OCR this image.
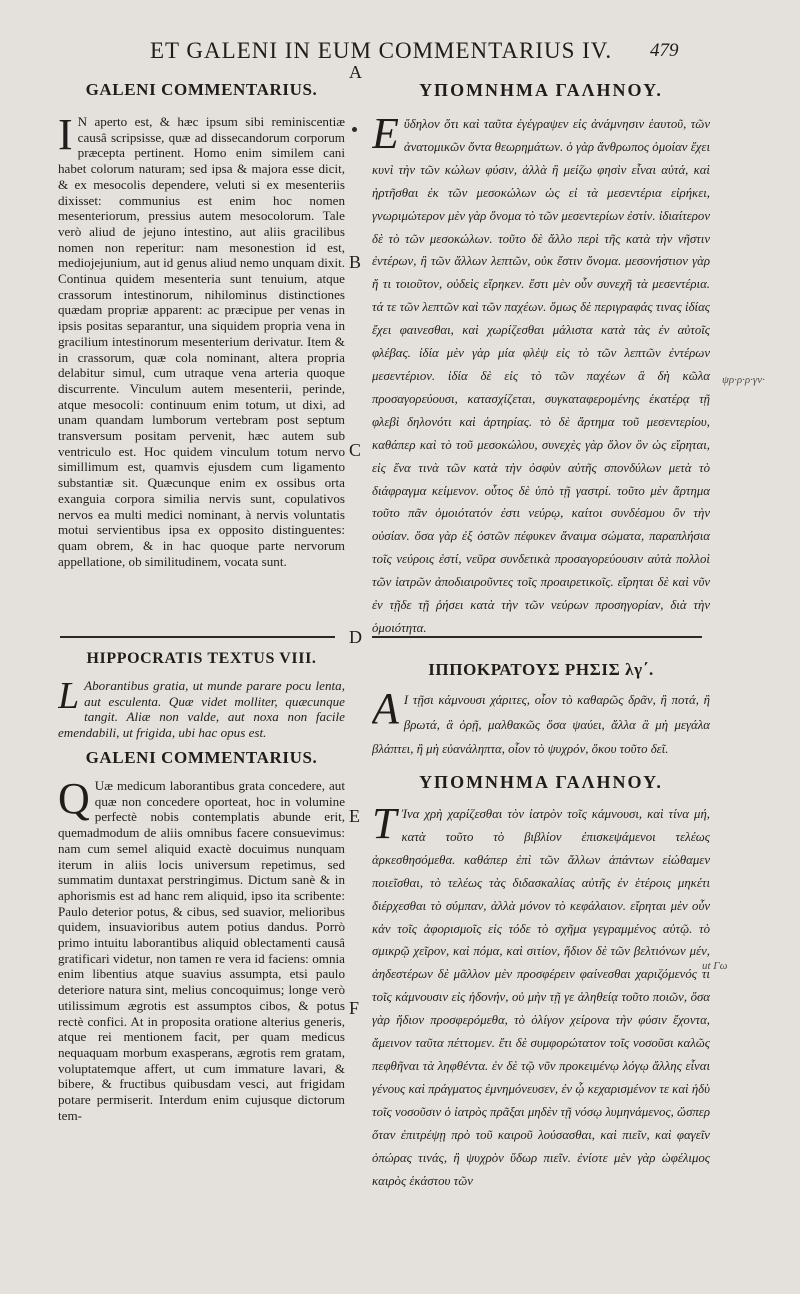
ET GALENI IN EUM COMMENTARIUS IV. 479
A
B
C
D
E
F
ψρ·ρ·ρ·γν·
ut Γω
GALENI COMMENTARIUS.

I N aperto est, & hæc ipsum sibi reminiscentiæ causâ scripsisse, quæ ad dissecandorum corporum præcepta pertinent. Homo enim similem cani habet colorum naturam; sed ipsa & majora esse dicit, & ex mesocolis dependere, veluti si ex mesenteriis dixisset: communius est enim hoc nomen mesenteriorum, pressius autem mesocolorum. Tale verò aliud de jejuno intestino, aut aliis gracilibus nomen non reperitur: nam mesonestion id est, mediojejunium, aut id genus aliud nemo unquam dixit. Continua quidem mesenteria sunt tenuium, atque crassorum intestinorum, nihilominus distinctiones quædam propriæ apparent: ac præcipue per venas in ipsis positas separantur, una siquidem propria vena in gracilium intestinorum mesenterium derivatur. Item & in crassorum, quæ cola nominant, altera propria delabitur simul, cum utraque vena arteria quoque discurrente. Vinculum autem mesenterii, perinde, atque mesocoli: continuum enim totum, ut dixi, ad unam quandam lumborum vertebram post septum transversum positam pervenit, hæc autem sub ventriculo est. Hoc quidem vinculum totum nervo simillimum est, quamvis ejusdem cum ligamento substantiæ sit. Quæcunque enim ex ossibus orta exanguia corpora similia nervis sunt, copulativos nervos ea multi medici nominant, à nervis voluntatis motui servientibus ipsa ex opposito distinguentes: quam obrem, & in hac quoque parte nervorum appellatione, ob similitudinem, vocata sunt.

HIPPOCRATIS TEXTUS VIII.

L Aborantibus gratia, ut munde parare pocu lenta, aut esculenta. Quæ videt molliter, quæcunque tangit. Aliæ non valde, aut noxa non facile emendabili, ut frigida, ubi hac opus est.

GALENI COMMENTARIUS.

Q Uæ medicum laborantibus grata concedere, aut quæ non concedere oporteat, hoc in volumine perfectè nobis contemplatis abunde erit, quemadmodum de aliis omnibus facere consuevimus: nam cum semel aliquid exactè docuimus nunquam iterum in aliis locis universum repetimus, sed summatim duntaxat perstringimus. Dictum sanè & in aphorismis est ad hanc rem aliquid, ipso ita scribente: Paulo deterior potus, & cibus, sed suavior, melioribus quidem, insuavioribus autem potius dandus. Porrò primo intuitu laborantibus aliquid oblectamenti causâ gratificari videtur, non tamen re vera id faciens: omnia enim libentius atque suavius assumpta, etsi paulo deteriore natura sint, melius concoquimus; longe verò utilissimum ægrotis est assumptos cibos, & potus rectè confici. At in proposita oratione alterius generis, atque rei mentionem facit, per quam medicus nequaquam morbum exasperans, ægrotis rem gratam, voluptatemque affert, ut cum immature lavari, & bibere, & fructibus quibusdam vesci, aut frigidam potare permiserit. Interdum enim cujusque dictorum tem-

ΥΠΟΜΝΗΜΑ ΓΑΛΗΝΟΥ.

Εὔδηλον ὅτι καὶ ταῦτα ἐγέγραψεν εἰς ἀνάμνησιν ἑαυτοῦ, τῶν ἀνατομικῶν ὄντα θεωρημάτων. ὁ γὰρ ἄνθρωπος ὁμοίαν ἔχει κυνὶ τὴν τῶν κώλων φύσιν, ἀλλὰ ἢ μείζω φησὶν εἶναι αὐτά, καὶ ἠρτῆσθαι ἐκ τῶν μεσοκώλων ὡς εἰ τὰ μεσεντέρια εἰρήκει, γνωριμώτερον μὲν γὰρ ὄνομα τὸ τῶν μεσεντερίων ἐστίν. ἰδιαίτερον δὲ τὸ τῶν μεσοκώλων. τοῦτο δὲ ἄλλο περὶ τῆς κατὰ τὴν νῆστιν ἐντέρων, ἢ τῶν ἄλλων λεπτῶν, οὐκ ἔστιν ὄνομα. μεσονήστιον γὰρ ἤ τι τοιοῦτον, οὐδεὶς εἴρηκεν. ἔστι μὲν οὖν συνεχῆ τὰ μεσεντέρια. τά τε τῶν λεπτῶν καὶ τῶν παχέων. ὅμως δὲ περιγραφάς τινας ἰδίας ἔχει φαινεσθαι, καὶ χωρίζεσθαι μάλιστα κατὰ τὰς ἐν αὐτοῖς φλέβας. ἰδία μὲν γὰρ μία φλὲψ εἰς τὸ τῶν λεπτῶν ἐντέρων μεσεντέριον. ἰδία δὲ εἰς τὸ τῶν παχέων ἃ δὴ κῶλα προσαγορεύουσι, κατασχίζεται, συγκαταφερομένης ἑκατέρᾳ τῇ φλεβὶ δηλονότι καὶ ἀρτηρίας. τὸ δὲ ἄρτημα τοῦ μεσεντερίου, καθάπερ καὶ τὸ τοῦ μεσοκώλου, συνεχὲς γὰρ ὅλον ὃν ὡς εἴρηται, εἰς ἕνα τινὰ τῶν κατὰ τὴν ὀσφὺν αὐτῆς σπονδύλων μετὰ τὸ διάφραγμα κείμενον. οὗτος δὲ ὑπὸ τῇ γαστρί. τοῦτο μὲν ἄρτημα τοῦτο πᾶν ὁμοιότατόν ἐστι νεύρῳ, καίτοι συνδέσμου ὂν τὴν οὐσίαν. ὅσα γὰρ ἐξ ὀστῶν πέφυκεν ἄναιμα σώματα, παραπλήσια τοῖς νεύροις ἐστί, νεῦρα συνδετικὰ προσαγορεύουσιν αὐτὰ πολλοὶ τῶν ἰατρῶν ἀποδιαιροῦντες τοῖς προαιρετικοῖς. εἴρηται δὲ καὶ νῦν ἐν τῇδε τῇ ῥήσει κατὰ τὴν τῶν νεύρων προσηγορίαν, διὰ τὴν ὁμοιότητα.

ΙΠΠΟΚΡΑΤΟΥΣ ΡΗΣΙΣ λγ΄.

Α Ι τῇσι κάμνουσι χάριτες, οἷον τὸ καθαρῶς δρᾶν, ἢ ποτά, ἢ βρωτά, ἃ ὁρῇ, μαλθακῶς ὅσα ψαύει, ἄλλα ἃ μὴ μεγάλα βλάπτει, ἢ μὴ εὐανάληπτα, οἷον τὸ ψυχρόν, ὅκου τοῦτο δεῖ.

ΥΠΟΜΝΗΜΑ ΓΑΛΗΝΟΥ.

Τ Ἰνα χρὴ χαρίζεσθαι τὸν ἰατρὸν τοῖς κάμνουσι, καὶ τίνα μή, κατὰ τοῦτο τὸ βιβλίον ἐπισκεψάμενοι τελέως ἀρκεσθησόμεθα. καθάπερ ἐπὶ τῶν ἄλλων ἁπάντων εἰώθαμεν ποιεῖσθαι, τὸ τελέως τὰς διδασκαλίας αὐτῆς ἐν ἑτέροις μηκέτι διέρχεσθαι τὸ σύμπαν, ἀλλὰ μόνον τὸ κεφάλαιον. εἴρηται μὲν οὖν κἀν τοῖς ἀφορισμοῖς εἰς τόδε τὸ σχῆμα γεγραμμένος αὐτῷ. τὸ σμικρῷ χεῖρον, καὶ πόμα, καὶ σιτίον, ἥδιον δὲ τῶν βελτιόνων μέν, ἀηδεστέρων δὲ μᾶλλον μὲν προσφέρειν φαίνεσθαι χαριζόμενός τι τοῖς κάμνουσιν εἰς ἡδονήν, οὐ μὴν τῇ γε ἀληθείᾳ τοῦτο ποιῶν, ὅσα γὰρ ἥδιον προσφερόμεθα, τὸ ὀλίγον χείρονα τὴν φύσιν ἔχοντα, ἄμεινον ταῦτα πέττομεν. ἔτι δὲ συμφορώτατον τοῖς νοσοῦσι καλῶς πεφθῆναι τὰ ληφθέντα. ἐν δὲ τῷ νῦν προκειμένῳ λόγῳ ἄλλης εἶναι γένους καὶ πράγματος ἐμνημόνευσεν, ἐν ᾧ κεχαρισμένον τε καὶ ἡδὺ τοῖς νοσοῦσιν ὁ ἰατρὸς πρᾶξαι μηδὲν τῇ νόσῳ λυμηνάμενος, ὥσπερ ὅταν ἐπιτρέψῃ πρὸ τοῦ καιροῦ λούσασθαι, καὶ πιεῖν, καὶ φαγεῖν ὀπώρας τινάς, ἢ ψυχρὸν ὕδωρ πιεῖν. ἐνίοτε μὲν γὰρ ὠφέλιμος καιρὸς ἑκάστου τῶν
